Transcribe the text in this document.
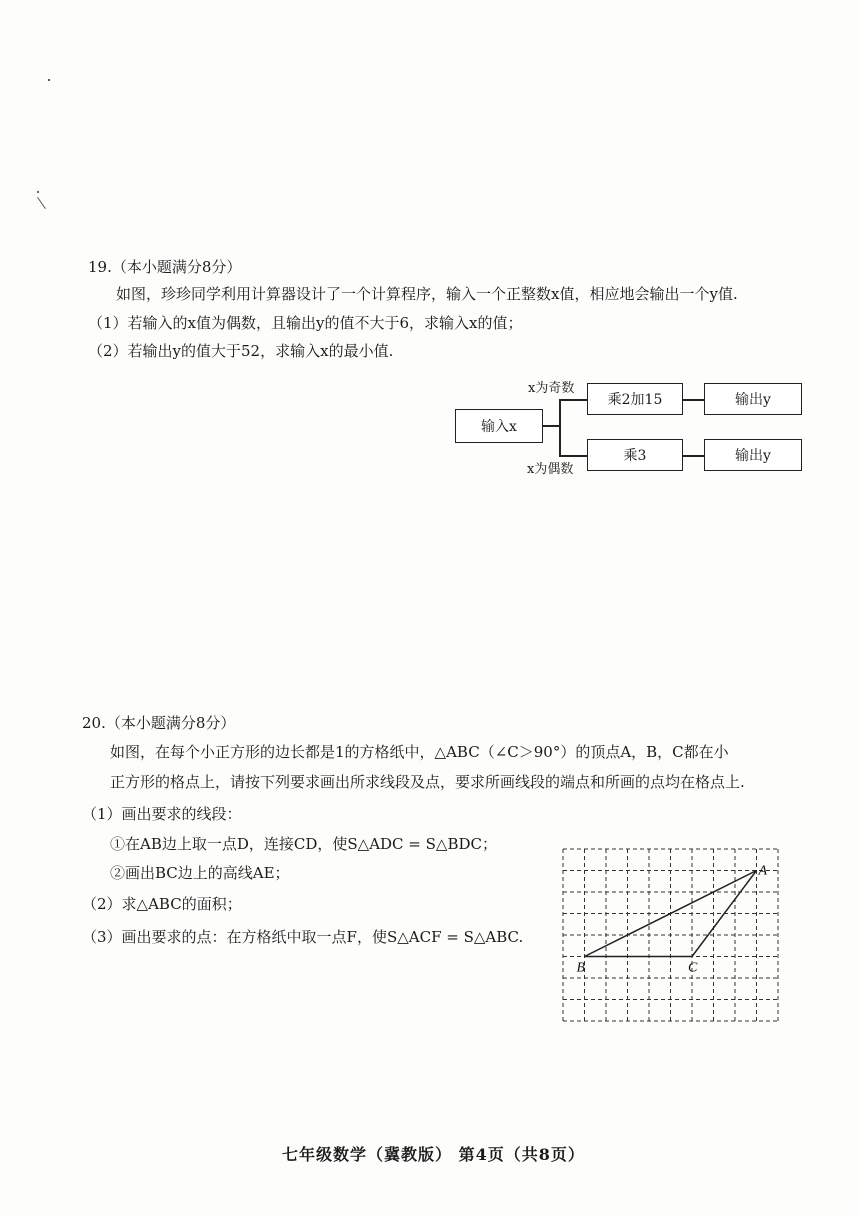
19.（本小题满分8分）
如图，珍珍同学利用计算器设计了一个计算程序，输入一个正整数x值，相应地会输出一个y值.
（1）若输入的x值为偶数，且输出y的值不大于6，求输入x的值；
（2）若输出y的值大于52，求输入x的最小值.
输入x
x为奇数
x为偶数
乘2加15
乘3
输出y
输出y
20.（本小题满分8分）
如图，在每个小正方形的边长都是1的方格纸中，△ABC（∠C＞90°）的顶点A，B，C都在小
正方形的格点上，请按下列要求画出所求线段及点，要求所画线段的端点和所画的点均在格点上.
（1）画出要求的线段：
①在AB边上取一点D，连接CD，使S△ADC = S△BDC；
②画出BC边上的高线AE；
（2）求△ABC的面积；
（3）画出要求的点：在方格纸中取一点F，使S△ACF = S△ABC.
A
B	C
七年级数学（冀教版） 第4页（共8页）
